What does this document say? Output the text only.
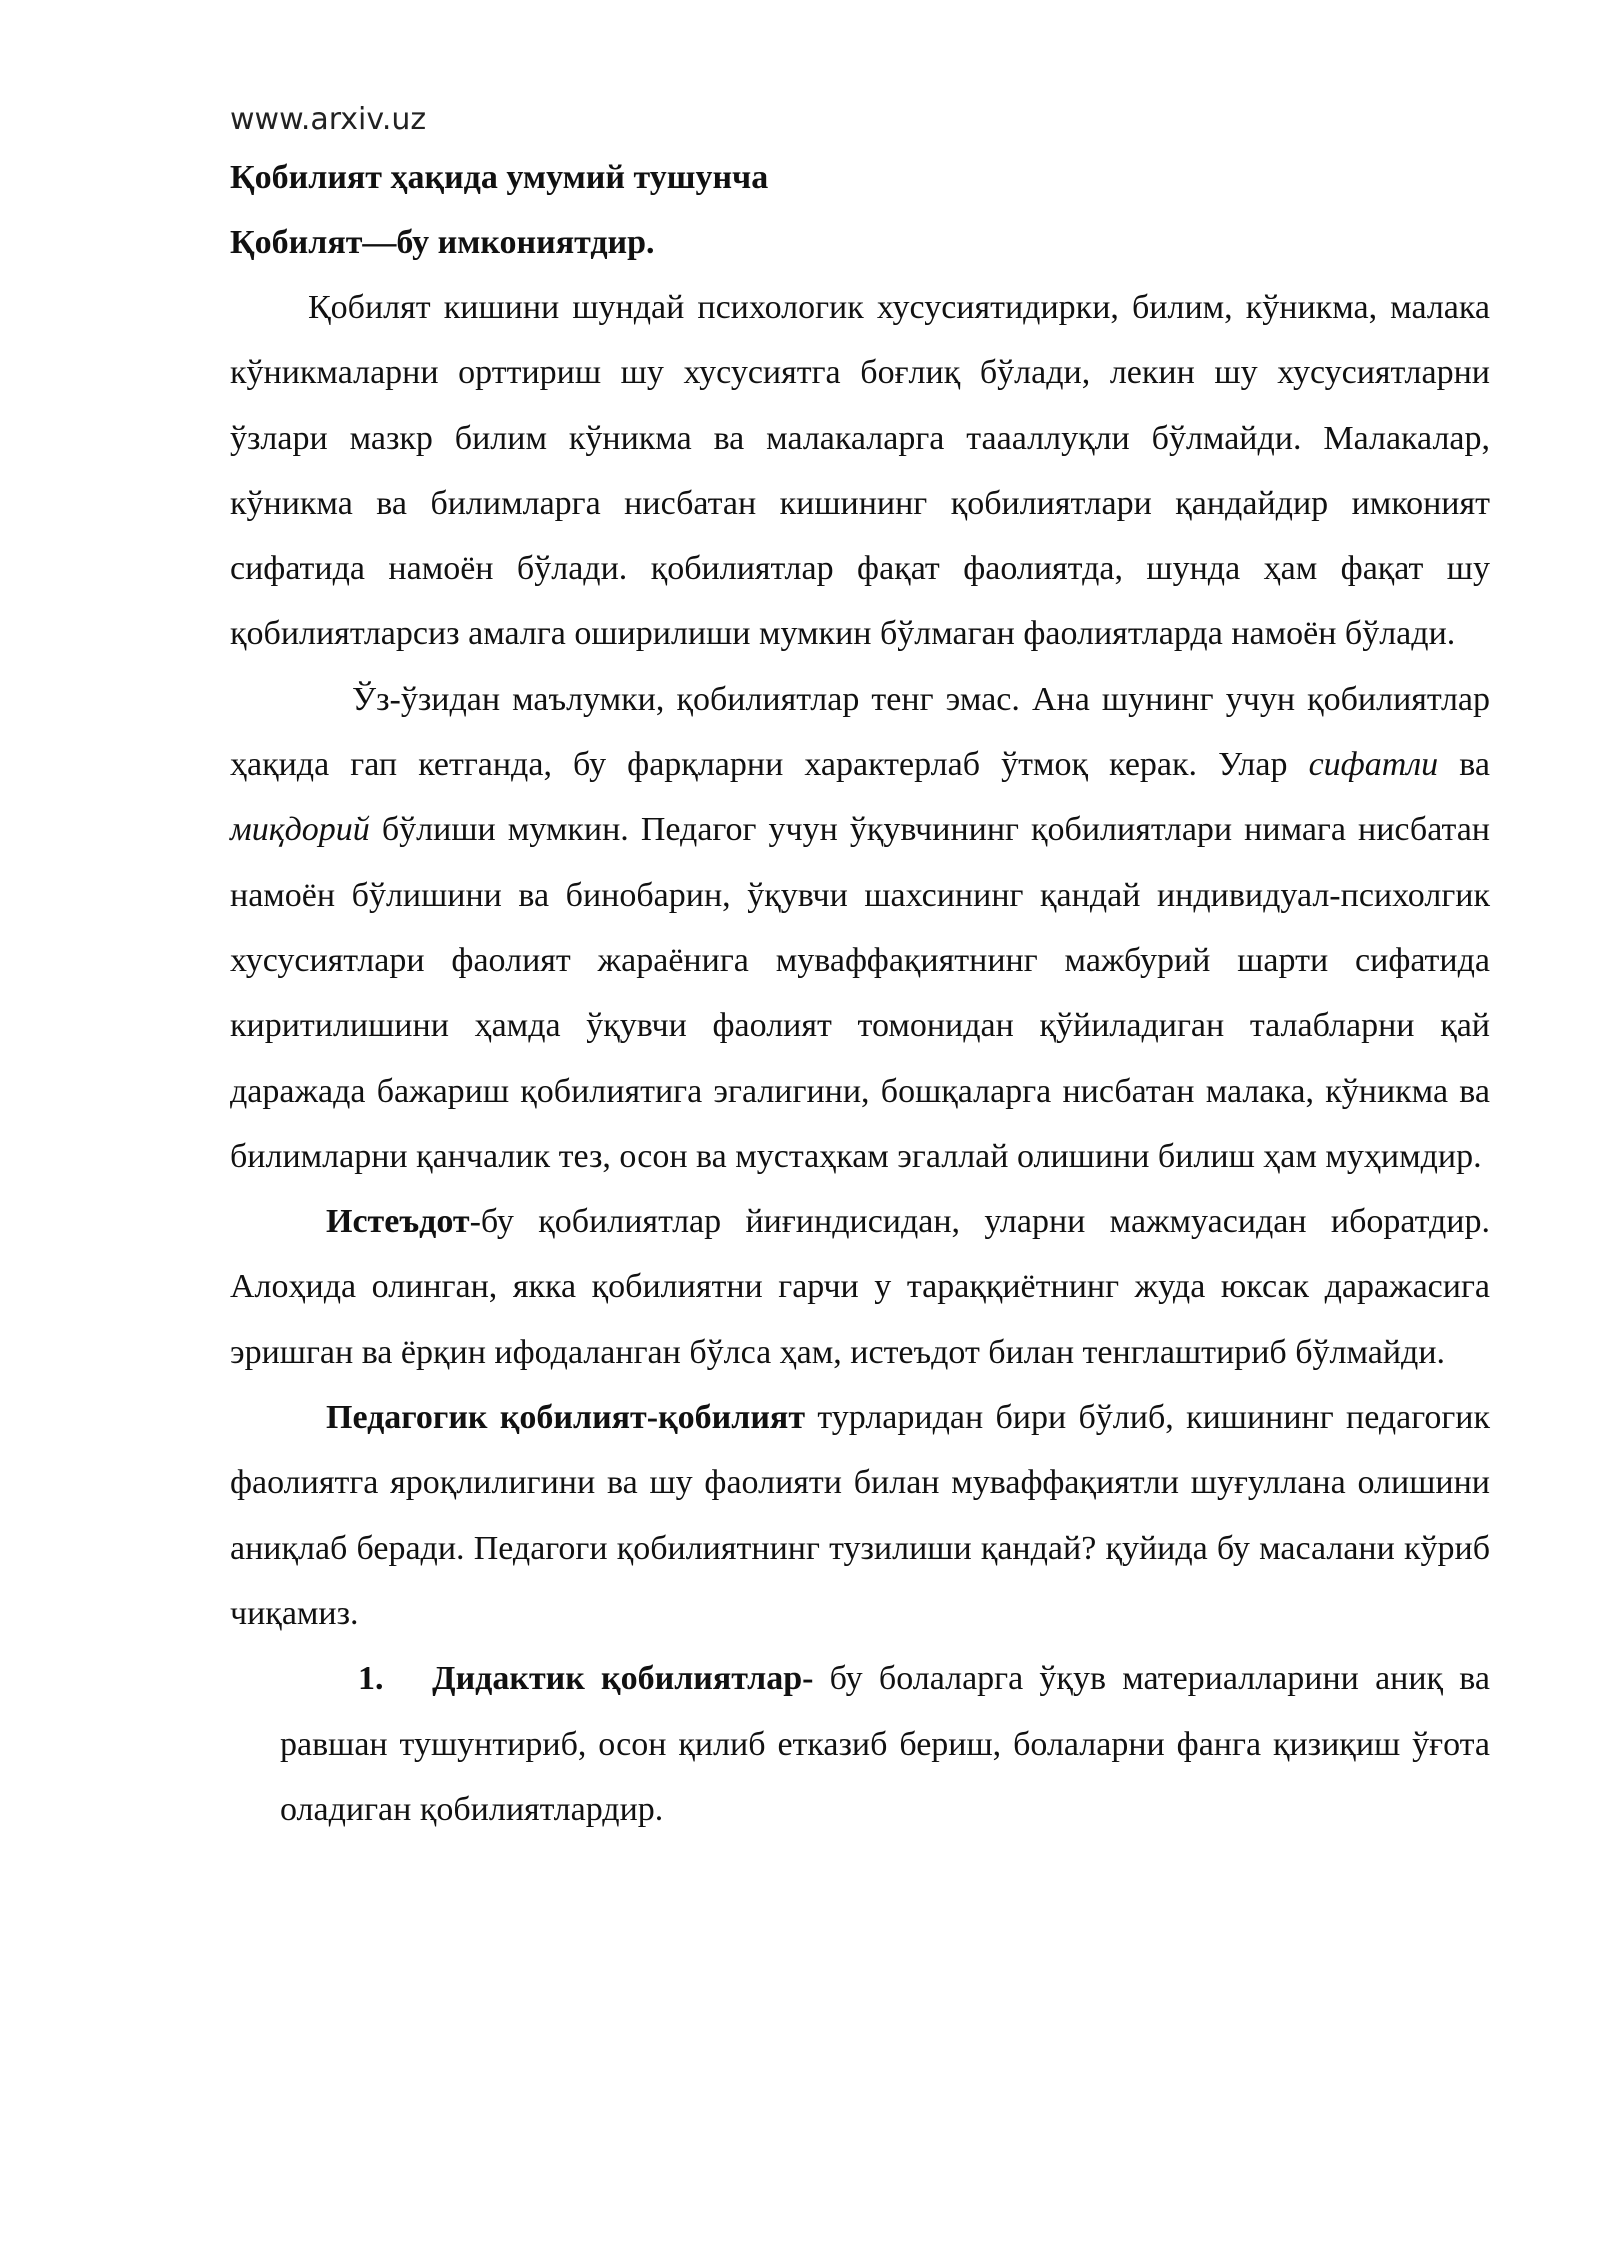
www.arxiv.uz
Қобилият ҳақида умумий тушунча
Қобилят—бу имкониятдир.

Қобилят кишини шундай психологик хусусиятидирки, билим, кўникма, малака кўникмаларни орттириш шу хусусиятга боғлиқ бўлади, лекин шу хусусиятларни ўзлари мазкр билим кўникма ва малакаларга таааллуқли бўлмайди. Малакалар, кўникма ва билимларга нисбатан кишининг қобилиятлари қандайдир имконият сифатида намоён бўлади. қобилиятлар фақат фаолиятда, шунда ҳам фақат шу қобилиятларсиз амалга оширилиши мумкин бўлмаган фаолиятларда намоён бўлади.

Ўз-ўзидан маълумки, қобилиятлар тенг эмас. Ана шунинг учун қобилиятлар ҳақида гап кетганда, бу фарқларни характерлаб ўтмоқ керак. Улар сифатли ва миқдорий бўлиши мумкин. Педагог учун ўқувчининг қобилиятлари нимага нисбатан намоён бўлишини ва бинобарин, ўқувчи шахсининг қандай индивидуал-психолгик хусусиятлари фаолият жараёнига муваффақиятнинг мажбурий шарти сифатида киритилишини ҳамда ўқувчи фаолият томонидан қўйиладиган талабларни қай даражада бажариш қобилиятига эгалигини, бошқаларга нисбатан малака, кўникма ва билимларни қанчалик тез, осон ва мустаҳкам эгаллай олишини билиш ҳам муҳимдир.

Истеъдот-бу қобилиятлар йиғиндисидан, уларни мажмуасидан иборатдир. Алоҳида олинган, якка қобилиятни гарчи у тараққиётнинг жуда юксак даражасига эришган ва ёрқин ифодаланган бўлса ҳам, истеъдот билан тенглаштириб бўлмайди.

Педагогик қобилият-қобилият турларидан бири бўлиб, кишининг педагогик фаолиятга яроқлилигини ва шу фаолияти билан муваффақиятли шуғуллана олишини аниқлаб беради. Педагоги қобилиятнинг тузилиши қандай? қуйида бу масалани кўриб чиқамиз.

1. Дидактик қобилиятлар- бу болаларга ўқув материалларини аниқ ва равшан тушунтириб, осон қилиб етказиб бериш, болаларни фанга қизиқиш ўғота оладиган қобилиятлардир.
